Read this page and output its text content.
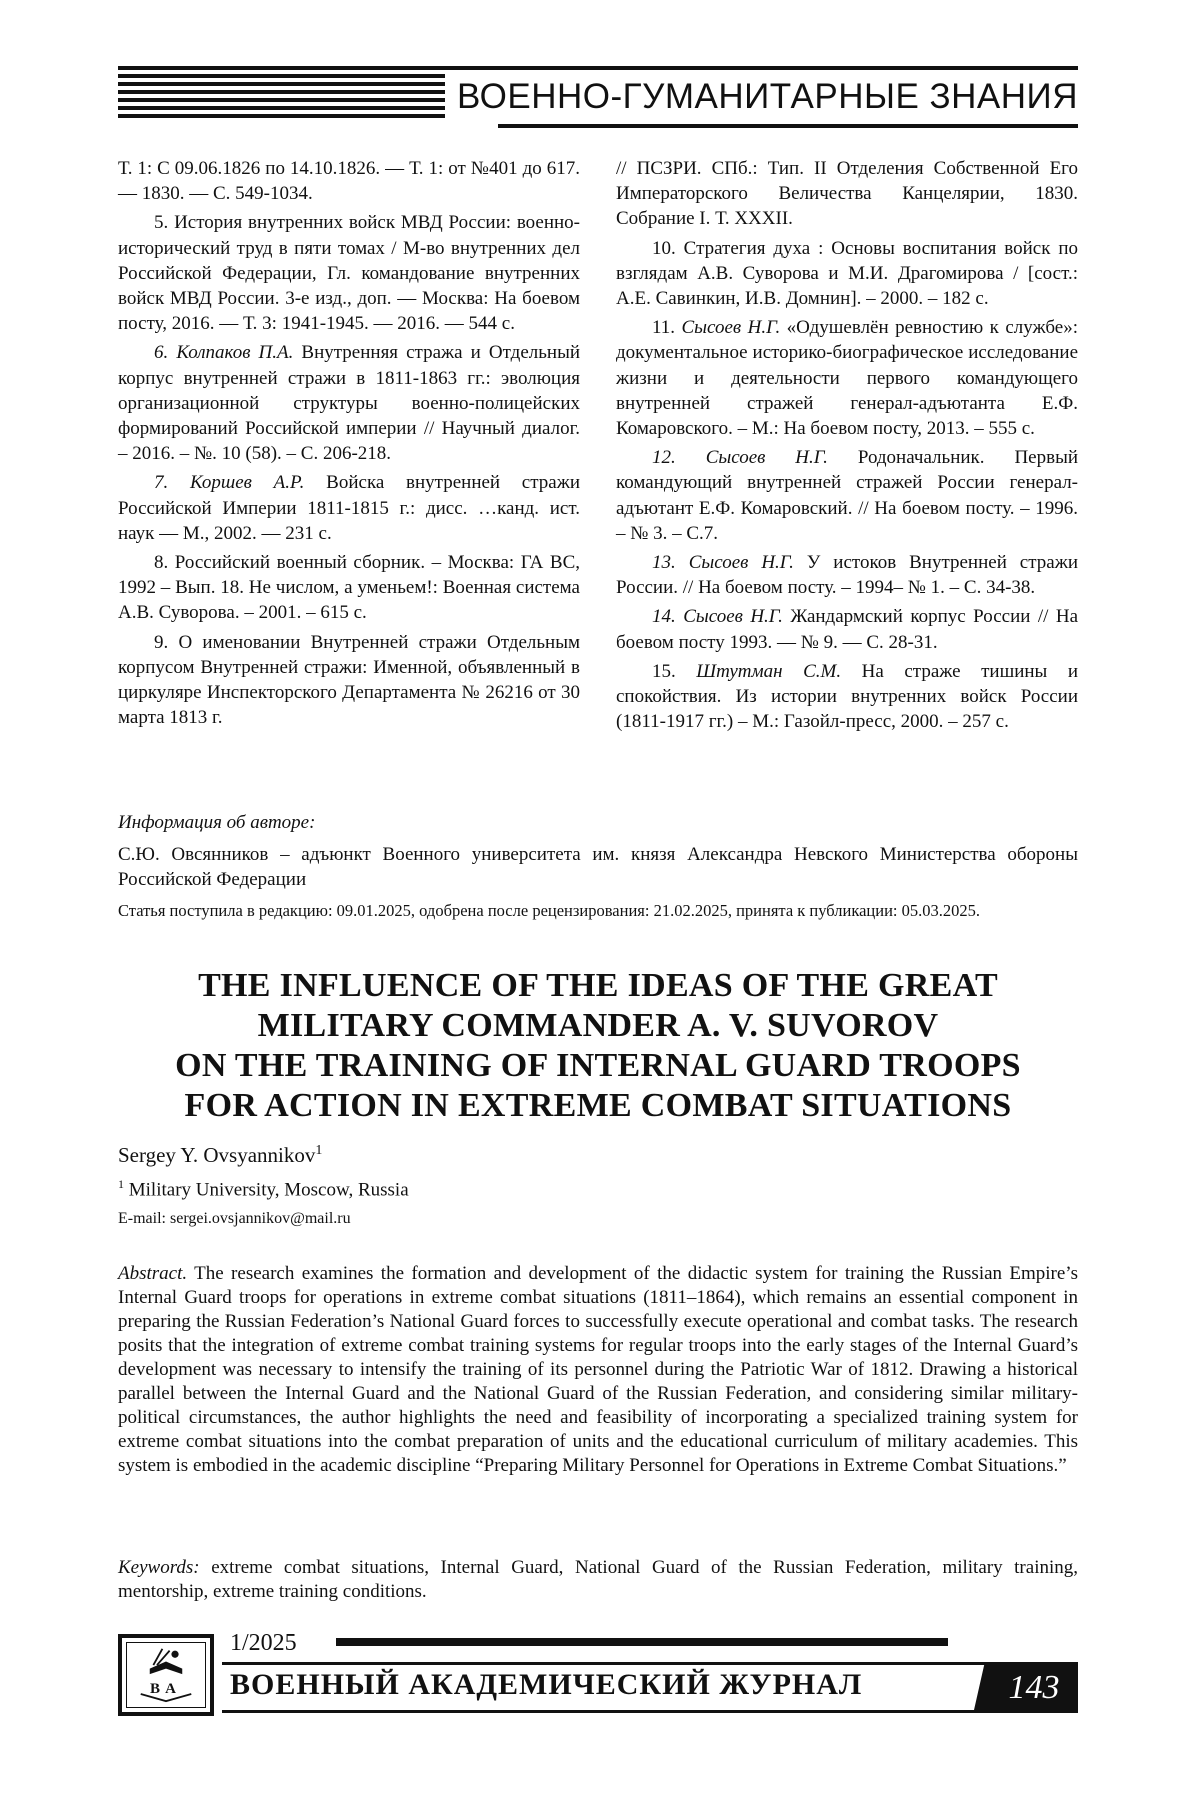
ВОЕННО-ГУМАНИТАРНЫЕ ЗНАНИЯ

Т. 1: С 09.06.1826 по 14.10.1826. — Т. 1: от №401 до 617. — 1830. — С. 549-1034.

5. История внутренних войск МВД России: военно-исторический труд в пяти томах / М-во внутренних дел Российской Федерации, Гл. командование внутренних войск МВД России. 3-е изд., доп. — Москва: На боевом посту, 2016. — Т. 3: 1941-1945. — 2016. — 544 с.

6. Колпаков П.А. Внутренняя стража и Отдельный корпус внутренней стражи в 1811-1863 гг.: эволюция организационной структуры военно-полицейских формирований Российской империи // Научный диалог. – 2016. – №. 10 (58). – С. 206-218.

7. Коршев А.Р. Войска внутренней стражи Российской Империи 1811-1815 г.: дисс. …канд. ист. наук — М., 2002. — 231 с.

8. Российский военный сборник. – Москва: ГА ВС, 1992 – Вып. 18. Не числом, а уменьем!: Военная система А.В. Суворова. – 2001. – 615 с.

9. О именовании Внутренней стражи Отдельным корпусом Внутренней стражи: Именной, объявленный в циркуляре Инспекторского Департамента № 26216 от 30 марта 1813 г.

// ПСЗРИ. СПб.: Тип. II Отделения Собственной Его Императорского Величества Канцелярии, 1830. Собрание I. Т. XXXII.

10. Стратегия духа : Основы воспитания войск по взглядам А.В. Суворова и М.И. Драгомирова / [сост.: А.Е. Савинкин, И.В. Домнин]. – 2000. – 182 с.

11. Сысоев Н.Г. «Одушевлён ревностию к службе»: документальное историко-биографическое исследование жизни и деятельности первого командующего внутренней стражей генерал-адъютанта Е.Ф. Комаровского. – М.: На боевом посту, 2013. – 555 с.

12. Сысоев Н.Г. Родоначальник. Первый командующий внутренней стражей России генерал-адъютант Е.Ф. Комаровский. // На боевом посту. – 1996. – № 3. – С.7.

13. Сысоев Н.Г. У истоков Внутренней стражи России. // На боевом посту. – 1994– № 1. – С. 34-38.

14. Сысоев Н.Г. Жандармский корпус России // На боевом посту 1993. — № 9. — С. 28-31.

15. Штутман С.М. На страже тишины и спокойствия. Из истории внутренних войск России (1811-1917 гг.) – М.: Газойл-пресс, 2000. – 257 с.

Информация об авторе:
С.Ю. Овсянников – адъюнкт Военного университета им. князя Александра Невского Министерства обороны Российской Федерации
Статья поступила в редакцию: 09.01.2025, одобрена после рецензирования: 21.02.2025, принята к публикации: 05.03.2025.
THE INFLUENCE OF THE IDEAS OF THE GREAT
MILITARY COMMANDER A. V. SUVOROV
ON THE TRAINING OF INTERNAL GUARD TROOPS
FOR ACTION IN EXTREME COMBAT SITUATIONS
Sergey Y. Ovsyannikov$^1$
$^1$ Military University, Moscow, Russia
E-mail: sergei.ovsjannikov@mail.ru
Abstract. The research examines the formation and development of the didactic system for training the Russian Empire’s Internal Guard troops for operations in extreme combat situations (1811–1864), which remains an essential component in preparing the Russian Federation’s National Guard forces to successfully execute operational and combat tasks. The research posits that the integration of extreme combat training systems for regular troops into the early stages of the Internal Guard’s development was necessary to intensify the training of its personnel during the Patriotic War of 1812. Drawing a historical parallel between the Internal Guard and the National Guard of the Russian Federation, and considering similar military-political circumstances, the author highlights the need and feasibility of incorporating a specialized training system for extreme combat situations into the combat preparation of units and the educational curriculum of military academies. This system is embodied in the academic discipline “Preparing Military Personnel for Operations in Extreme Combat Situations.”
Keywords: extreme combat situations, Internal Guard, National Guard of the Russian Federation, military training, mentorship, extreme training conditions.
ВА
1/2025
ВОЕННЫЙ АКАДЕМИЧЕСКИЙ ЖУРНАЛ	143
